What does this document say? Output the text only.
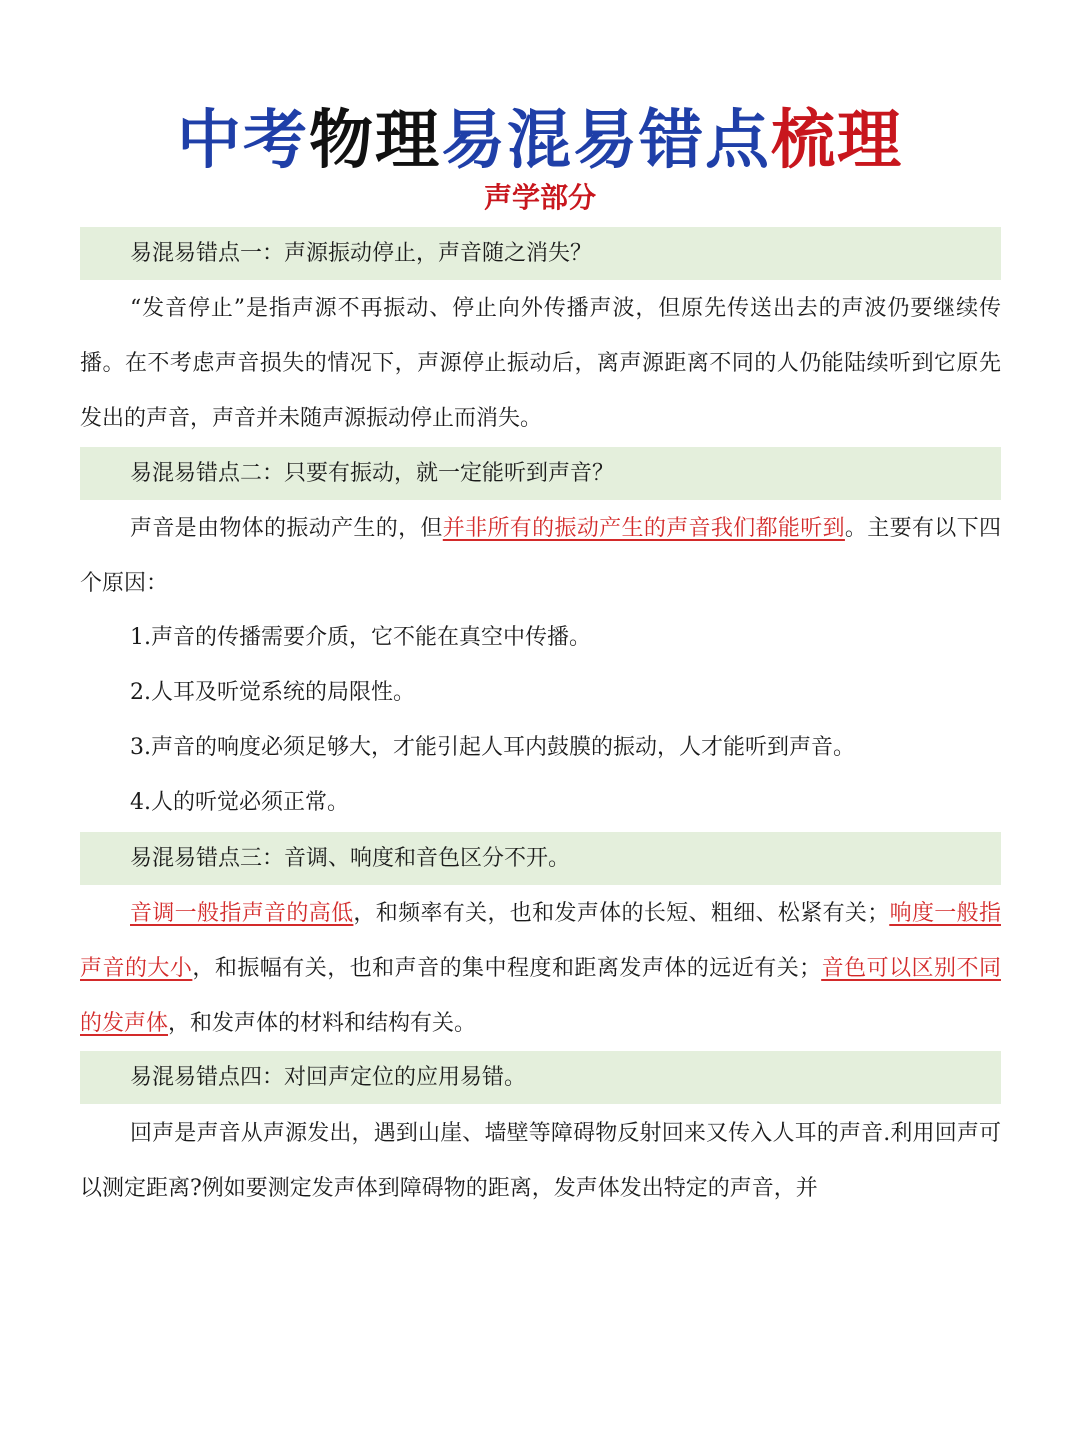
中考物理易混易错点梳理
声学部分
易混易错点一：声源振动停止，声音随之消失？
“发音停止”是指声源不再振动、停止向外传播声波，但原先传送出去的声波仍要继续传播。在不考虑声音损失的情况下，声源停止振动后，离声源距离不同的人仍能陆续听到它原先发出的声音，声音并未随声源振动停止而消失。
易混易错点二：只要有振动，就一定能听到声音？
声音是由物体的振动产生的，但并非所有的振动产生的声音我们都能听到。主要有以下四个原因：
1.声音的传播需要介质，它不能在真空中传播。
2.人耳及听觉系统的局限性。
3.声音的响度必须足够大，才能引起人耳内鼓膜的振动，人才能听到声音。
4.人的听觉必须正常。
易混易错点三：音调、响度和音色区分不开。
音调一般指声音的高低，和频率有关，也和发声体的长短、粗细、松紧有关；响度一般指声音的大小，和振幅有关，也和声音的集中程度和距离发声体的远近有关；音色可以区别不同的发声体，和发声体的材料和结构有关。
易混易错点四：对回声定位的应用易错。
回声是声音从声源发出，遇到山崖、墙壁等障碍物反射回来又传入人耳的声音.利用回声可以测定距离?例如要测定发声体到障碍物的距离，发声体发出特定的声音，并
